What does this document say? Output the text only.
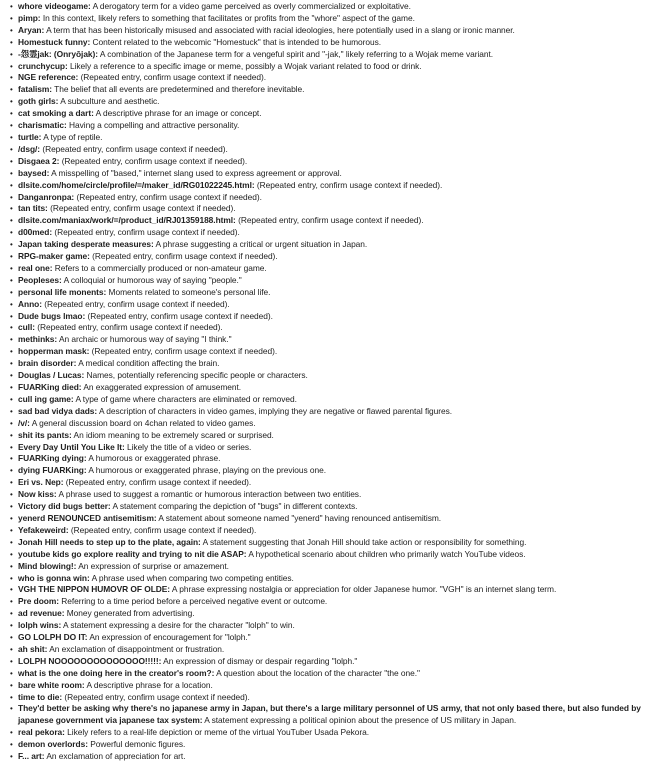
• whore videogame: A derogatory term for a video game perceived as overly commercialized or exploitative.
• pimp: In this context, likely refers to something that facilitates or profits from the "whore" aspect of the game.
• Aryan: A term that has been historically misused and associated with racial ideologies, here potentially used in a slang or ironic manner.
• Homestuck funny: Content related to the webcomic "Homestuck" that is intended to be humorous.
• -怨霊jak: (Onryōjak): A combination of the Japanese term for a vengeful spirit and "-jak," likely referring to a Wojak meme variant.
• crunchycup: Likely a reference to a specific image or meme, possibly a Wojak variant related to food or drink.
• NGE reference: (Repeated entry, confirm usage context if needed).
• fatalism: The belief that all events are predetermined and therefore inevitable.
• goth girls: A subculture and aesthetic.
• cat smoking a dart: A descriptive phrase for an image or concept.
• charismatic: Having a compelling and attractive personality.
• turtle: A type of reptile.
• /dsg/: (Repeated entry, confirm usage context if needed).
• Disgaea 2: (Repeated entry, confirm usage context if needed).
• baysed: A misspelling of "based," internet slang used to express agreement or approval.
• dlsite.com/home/circle/profile/=/maker_id/RG01022245.html: (Repeated entry, confirm usage context if needed).
• Danganronpa: (Repeated entry, confirm usage context if needed).
• tan tits: (Repeated entry, confirm usage context if needed).
• dlsite.com/maniax/work/=/product_id/RJ01359188.html: (Repeated entry, confirm usage context if needed).
• d00med: (Repeated entry, confirm usage context if needed).
• Japan taking desperate measures: A phrase suggesting a critical or urgent situation in Japan.
• RPG-maker game: (Repeated entry, confirm usage context if needed).
• real one: Refers to a commercially produced or non-amateur game.
• Peopleses: A colloquial or humorous way of saying "people."
• personal life monents: Moments related to someone's personal life.
• Anno: (Repeated entry, confirm usage context if needed).
• Dude bugs lmao: (Repeated entry, confirm usage context if needed).
• cull: (Repeated entry, confirm usage context if needed).
• methinks: An archaic or humorous way of saying "I think."
• hopperman mask: (Repeated entry, confirm usage context if needed).
• brain disorder: A medical condition affecting the brain.
• Douglas / Lucas: Names, potentially referencing specific people or characters.
• FUARKing died: An exaggerated expression of amusement.
• cull ing game: A type of game where characters are eliminated or removed.
• sad bad vidya dads: A description of characters in video games, implying they are negative or flawed parental figures.
• /v/: A general discussion board on 4chan related to video games.
• shit its pants: An idiom meaning to be extremely scared or surprised.
• Every Day Until You Like It: Likely the title of a video or series.
• FUARKing dying: A humorous or exaggerated phrase.
• dying FUARKing: A humorous or exaggerated phrase, playing on the previous one.
• Eri vs. Nep: (Repeated entry, confirm usage context if needed).
• Now kiss: A phrase used to suggest a romantic or humorous interaction between two entities.
• Victory did bugs better: A statement comparing the depiction of "bugs" in different contexts.
• yenerd RENOUNCED antisemitism: A statement about someone named "yenerd" having renounced antisemitism.
• Yefakeweird: (Repeated entry, confirm usage context if needed).
• Jonah Hill needs to step up to the plate, again: A statement suggesting that Jonah Hill should take action or responsibility for something.
• youtube kids go explore reality and trying to nit die ASAP: A hypothetical scenario about children who primarily watch YouTube videos.
• Mind blowing!: An expression of surprise or amazement.
• who is gonna win: A phrase used when comparing two competing entities.
• VGH THE NIPPON HUMOVR OF OLDE: A phrase expressing nostalgia or appreciation for older Japanese humor. "VGH" is an internet slang term.
• Pre doom: Referring to a time period before a perceived negative event or outcome.
• ad revenue: Money generated from advertising.
• lolph wins: A statement expressing a desire for the character "lolph" to win.
• GO LOLPH DO IT: An expression of encouragement for "lolph."
• ah shit: An exclamation of disappointment or frustration.
• LOLPH NOOOOOOOOOOOOOO!!!!!: An expression of dismay or despair regarding "lolph."
• what is the one doing here in the creator's room?: A question about the location of the character "the one."
• bare white room: A descriptive phrase for a location.
• time to die: (Repeated entry, confirm usage context if needed).
• They'd better be asking why there's no japanese army in Japan, but there's a large military personnel of US army, that not only based there, but also funded by japanese government via japanese tax system: A statement expressing a political opinion about the presence of US military in Japan.
• real pekora: Likely refers to a real-life depiction or meme of the virtual YouTuber Usada Pekora.
• demon overlords: Powerful demonic figures.
• F... art: An exclamation of appreciation for art.
